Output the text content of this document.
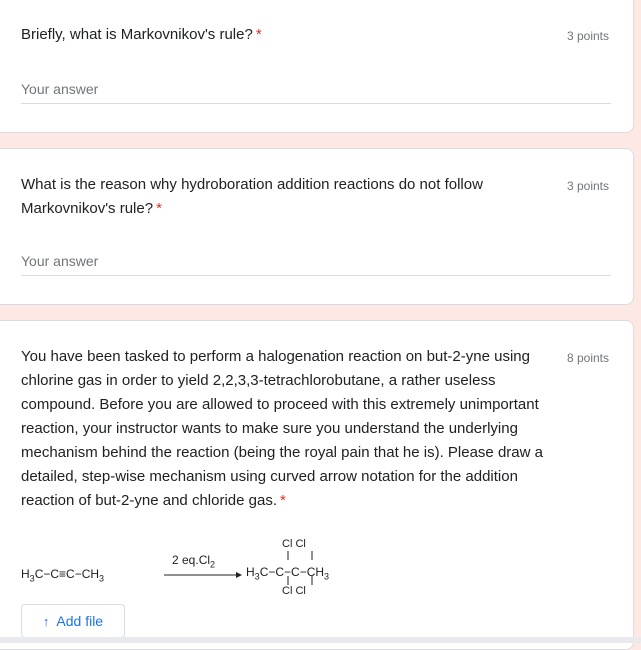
Briefly, what is Markovnikov's rule? *	3 points
Your answer
What is the reason why hydroboration addition reactions do not follow Markovnikov's rule? *
3 points
Your answer
You have been tasked to perform a halogenation reaction on but-2-yne using chlorine gas in order to yield 2,2,3,3-tetrachlorobutane, a rather useless compound. Before you are allowed to proceed with this extremely unimportant reaction, your instructor wants to make sure you understand the underlying mechanism behind the reaction (being the royal pain that he is). Please draw a detailed, step-wise mechanism using curved arrow notation for the addition reaction of but-2-yne and chloride gas. *
8 points
$H_3C-C\equiv C-CH_3$
2 $eq.Cl_2$
Cl Cl
$H_3C-C-C-CH_3$
Cl Cl
↑ Add file
